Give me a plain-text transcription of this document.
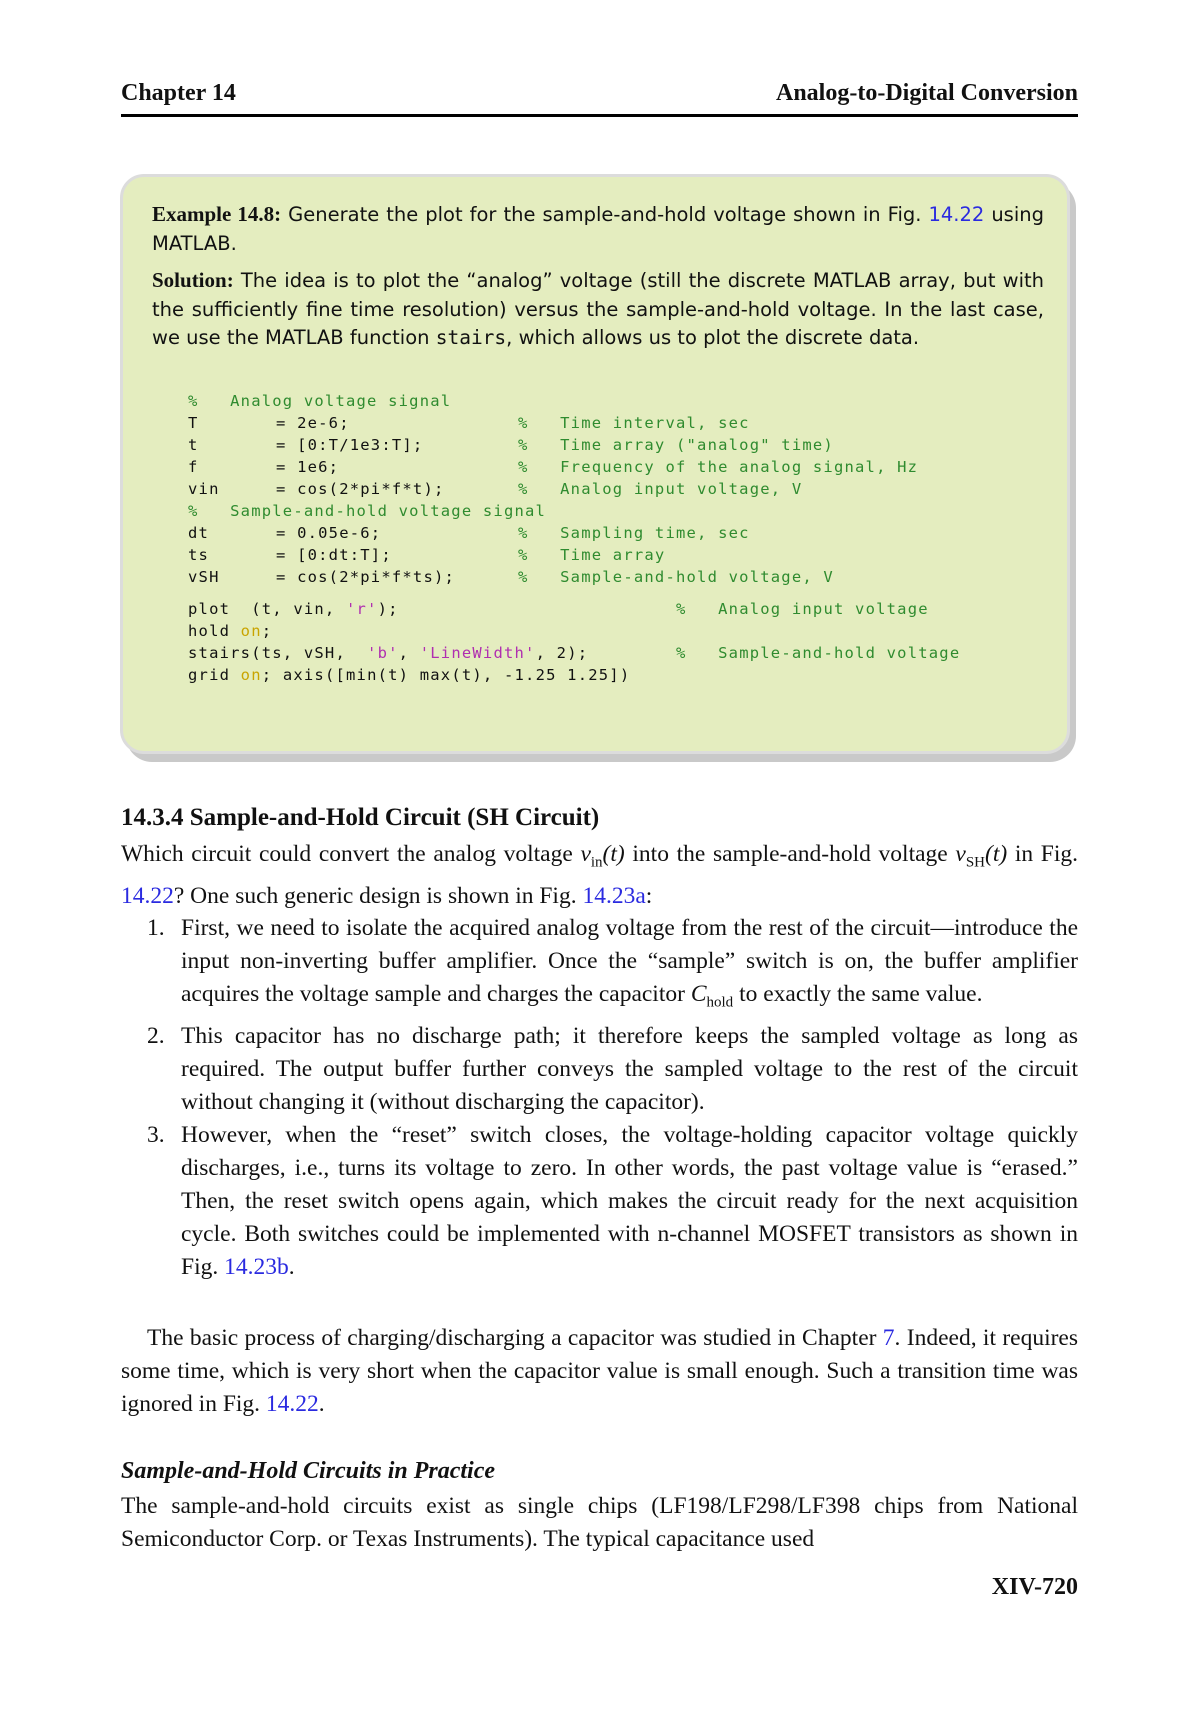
Chapter 14	Analog-to-Digital Conversion

Example 14.8: Generate the plot for the sample-and-hold voltage shown in Fig. 14.22 using MATLAB.

Solution: The idea is to plot the “analog” voltage (still the discrete MATLAB array, but with the sufficiently fine time resolution) versus the sample-and-hold voltage. In the last case, we use the MATLAB function stairs, which allows us to plot the discrete data.

%   Analog voltage signal
T	= 2e-6;	%   Time interval, sec
t	= [0:T/1e3:T];	%   Time array ("analog" time)
f	= 1e6;	%   Frequency of the analog signal, Hz
vin	= cos(2*pi*f*t);	%   Analog input voltage, V
%   Sample-and-hold voltage signal
dt	= 0.05e-6;	%   Sampling time, sec
ts	= [0:dt:T];	%   Time array
vSH	= cos(2*pi*f*ts);	%   Sample-and-hold voltage, V
plot  (t, vin, 'r');	%   Analog input voltage
hold on;
stairs(ts, vSH,  'b', 'LineWidth', 2);	%   Sample-and-hold voltage
grid on; axis([min(t) max(t), -1.25 1.25])
14.3.4 Sample-and-Hold Circuit (SH Circuit)

Which circuit could convert the analog voltage $v_{in}(t)$ into the sample-and-hold voltage $v_{SH}(t)$ in Fig. 14.22? One such generic design is shown in Fig. 14.23a:

1. First, we need to isolate the acquired analog voltage from the rest of the circuit—introduce the input non-inverting buffer amplifier. Once the “sample” switch is on, the buffer amplifier acquires the voltage sample and charges the capacitor $C_{hold}$ to exactly the same value.
2. This capacitor has no discharge path; it therefore keeps the sampled voltage as long as required. The output buffer further conveys the sampled voltage to the rest of the circuit without changing it (without discharging the capacitor).
3. However, when the “reset” switch closes, the voltage-holding capacitor voltage quickly discharges, i.e., turns its voltage to zero. In other words, the past voltage value is “erased.” Then, the reset switch opens again, which makes the circuit ready for the next acquisition cycle. Both switches could be implemented with n-channel MOSFET transistors as shown in Fig. 14.23b.

The basic process of charging/discharging a capacitor was studied in Chapter 7. Indeed, it requires some time, which is very short when the capacitor value is small enough. Such a transition time was ignored in Fig. 14.22.

Sample-and-Hold Circuits in Practice

The sample-and-hold circuits exist as single chips (LF198/LF298/LF398 chips from National Semiconductor Corp. or Texas Instruments). The typical capacitance used

XIV-720
